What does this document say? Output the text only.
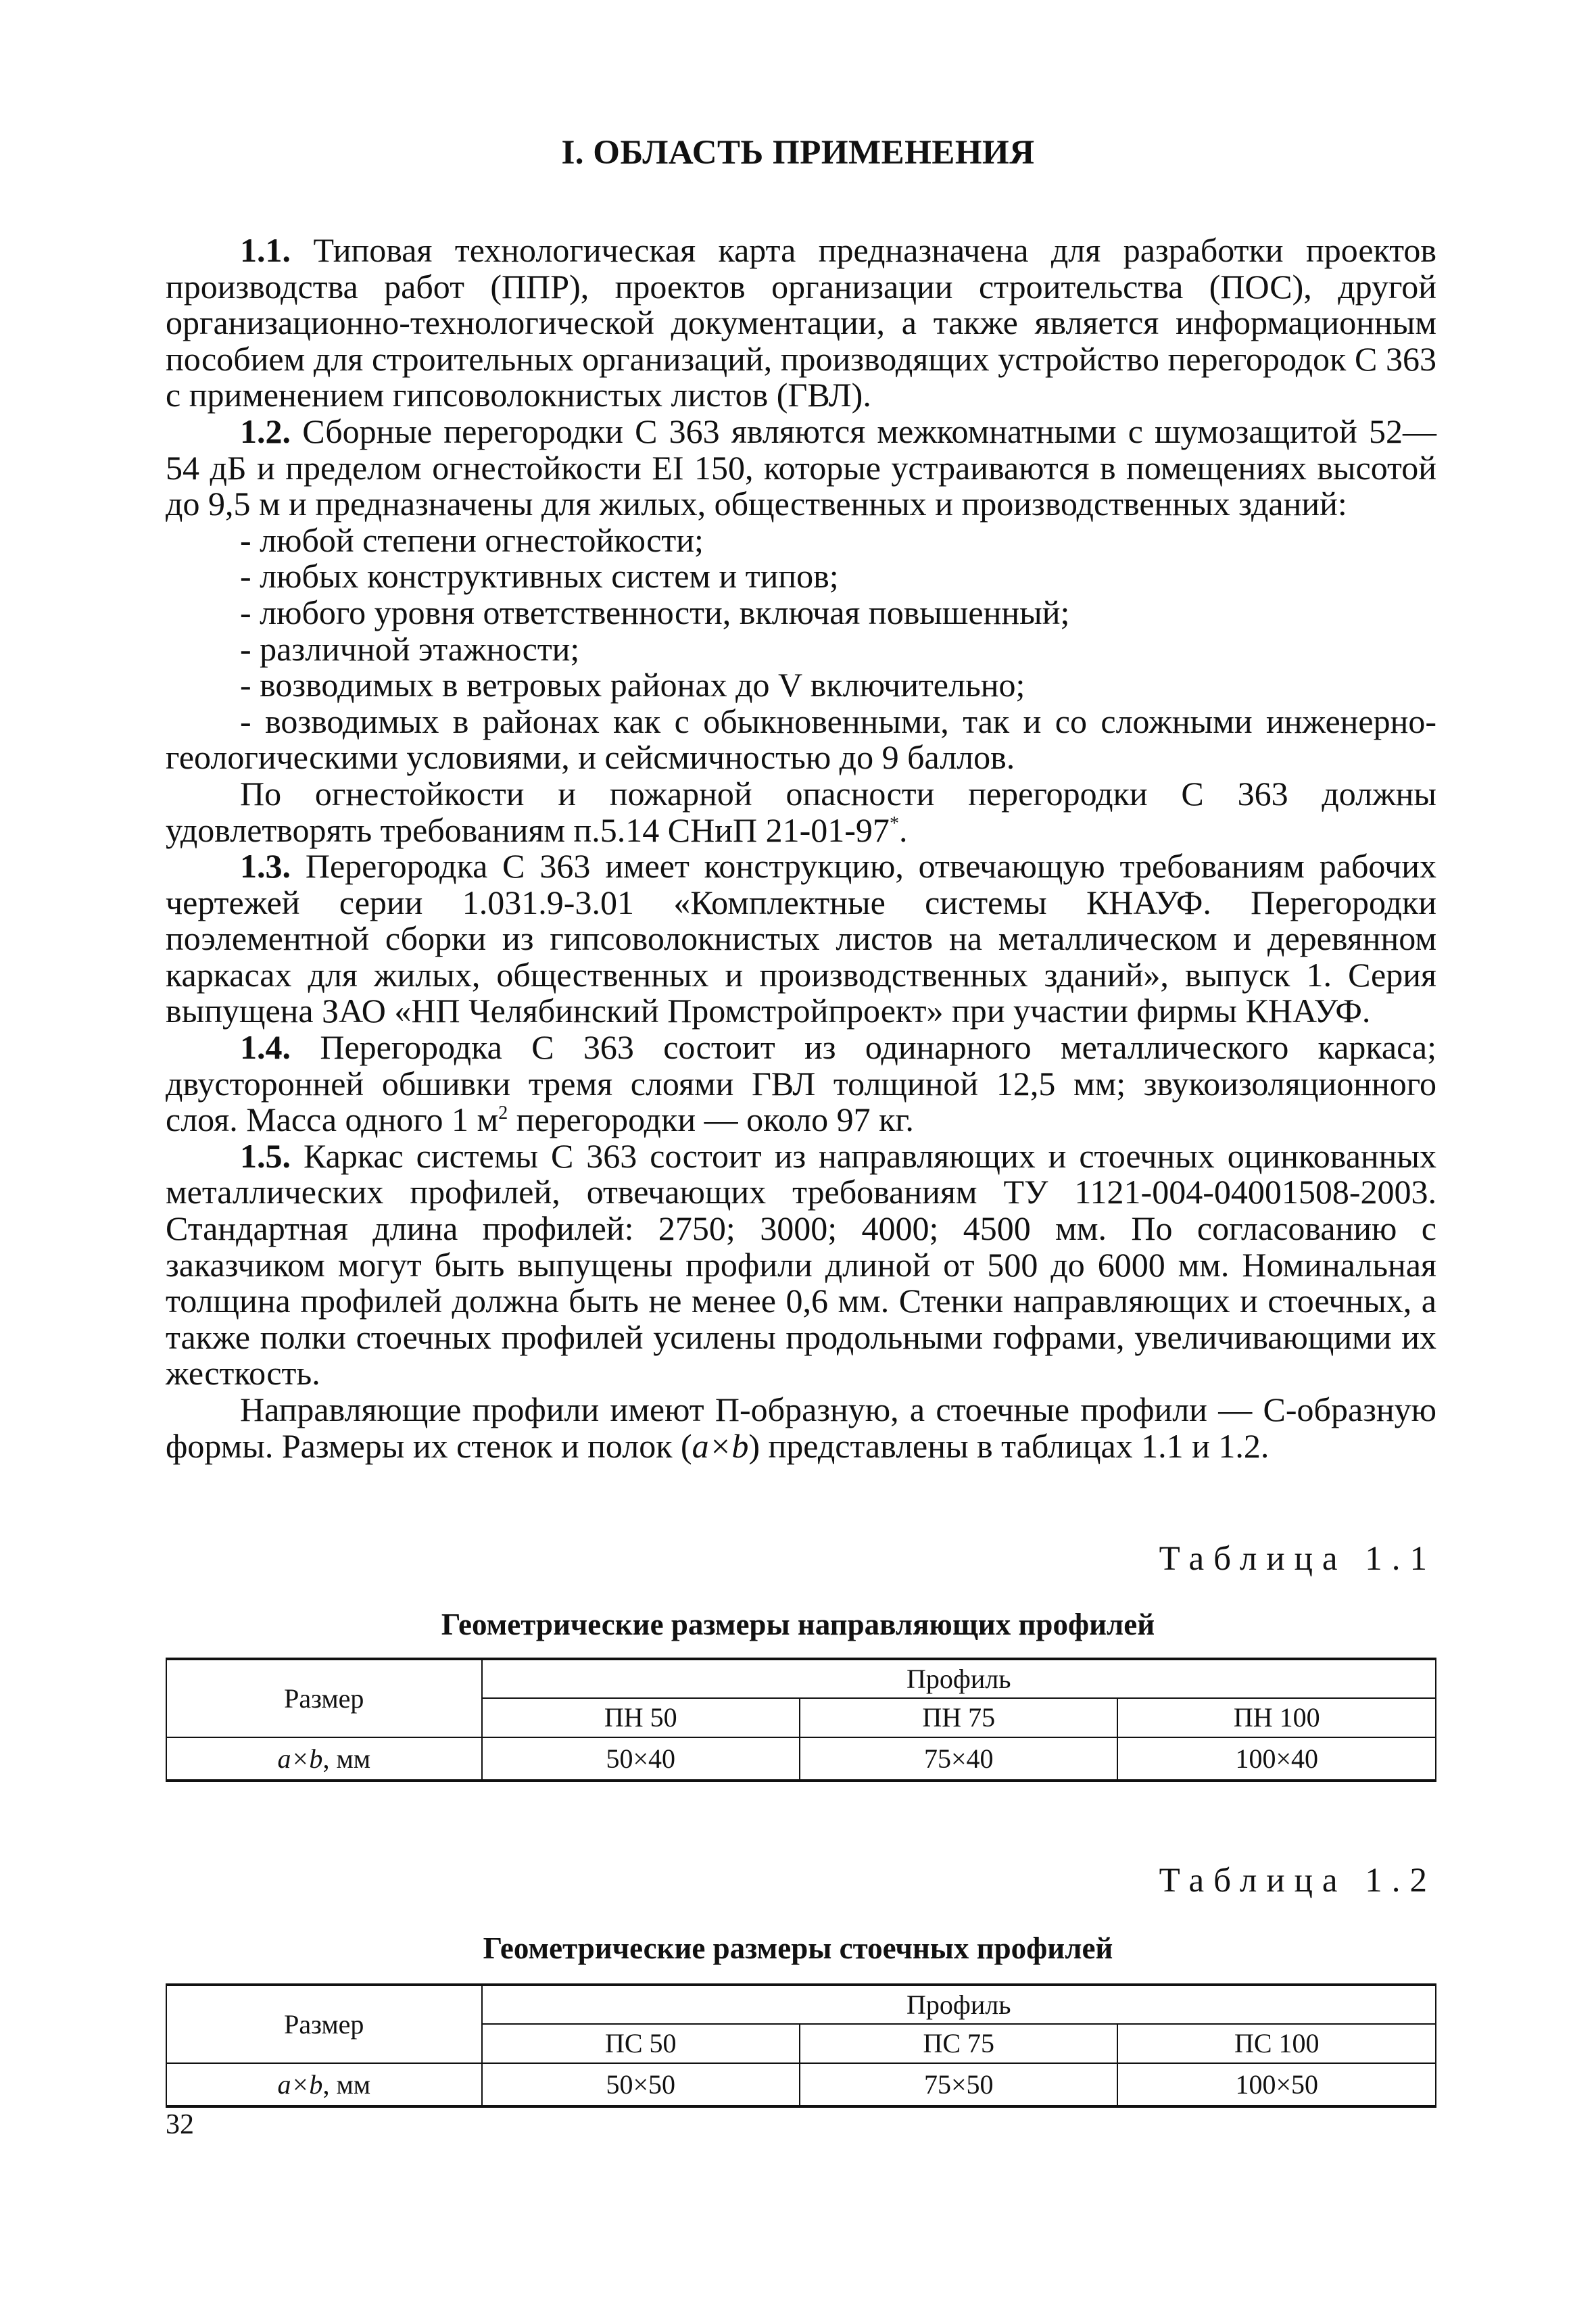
I. ОБЛАСТЬ ПРИМЕНЕНИЯ

1.1. Типовая технологическая карта предназначена для разработки проектов производства работ (ППР), проектов организации строительства (ПОС), другой организационно-технологической документации, а также является информационным пособием для строительных организаций, производящих устройство перегородок С 363 с применением гипсоволокнистых листов (ГВЛ).

1.2. Сборные перегородки С 363 являются межкомнатными с шумозащитой 52—54 дБ и пределом огнестойкости EI 150, которые устраиваются в помещениях высотой до 9,5 м и предназначены для жилых, общественных и производственных зданий:

- любой степени огнестойкости;

- любых конструктивных систем и типов;

- любого уровня ответственности, включая повышенный;

- различной этажности;

- возводимых в ветровых районах до V включительно;

- возводимых в районах как с обыкновенными, так и со сложными инженерно-геологическими условиями, и сейсмичностью до 9 баллов.

По огнестойкости и пожарной опасности перегородки С 363 должны удовлетворять требованиям п.5.14 СНиП 21-01-97*.

1.3. Перегородка С 363 имеет конструкцию, отвечающую требованиям рабочих чертежей серии 1.031.9-3.01 «Комплектные системы КНАУФ. Перегородки поэлементной сборки из гипсоволокнистых листов на металлическом и деревянном каркасах для жилых, общественных и производственных зданий», выпуск 1. Серия выпущена ЗАО «НП Челябинский Промстройпроект» при участии фирмы КНАУФ.

1.4. Перегородка С 363 состоит из одинарного металлического каркаса; двусторонней обшивки тремя слоями ГВЛ толщиной 12,5 мм; звукоизоляционного слоя. Масса одного 1 $м^2$ перегородки — около 97 кг.

1.5. Каркас системы С 363 состоит из направляющих и стоечных оцинкованных металлических профилей, отвечающих требованиям ТУ 1121-004-04001508-2003. Стандартная длина профилей: 2750; 3000; 4000; 4500 мм. По согласованию с заказчиком могут быть выпущены профили длиной от 500 до 6000 мм. Номинальная толщина профилей должна быть не менее 0,6 мм. Стенки направляющих и стоечных, а также полки стоечных профилей усилены продольными гофрами, увеличивающими их жесткость.

Направляющие профили имеют П-образную, а стоечные профили — С-образную формы. Размеры их стенок и полок (a×b) представлены в таблицах 1.1 и 1.2.

Таблица 1.1
Геометрические размеры направляющих профилей
Размер	Профиль		
	ПН 50	ПН 75	ПН 100
a×b, мм	50×40	75×40	100×40
Таблица 1.2
Геометрические размеры стоечных профилей
Размер	Профиль		
	ПС 50	ПС 75	ПС 100
a×b, мм	50×50	75×50	100×50
32
